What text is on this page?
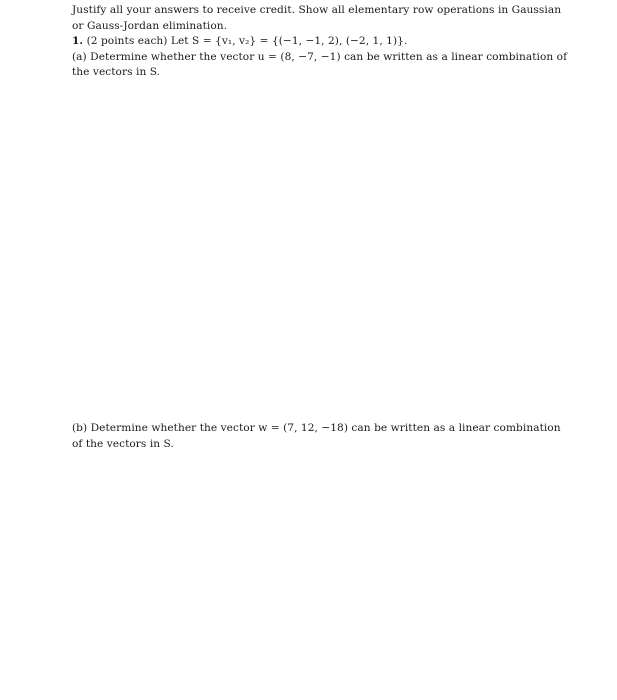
Justify all your answers to receive credit. Show all elementary row operations in Gaussian
or Gauss-Jordan elimination.
1. (2 points each) Let S = {v₁, v₂} = {(−1, −1, 2), (−2, 1, 1)}.
(a) Determine whether the vector u = (8, −7, −1) can be written as a linear combination of
the vectors in S.
(b) Determine whether the vector w = (7, 12, −18) can be written as a linear combination
of the vectors in S.
